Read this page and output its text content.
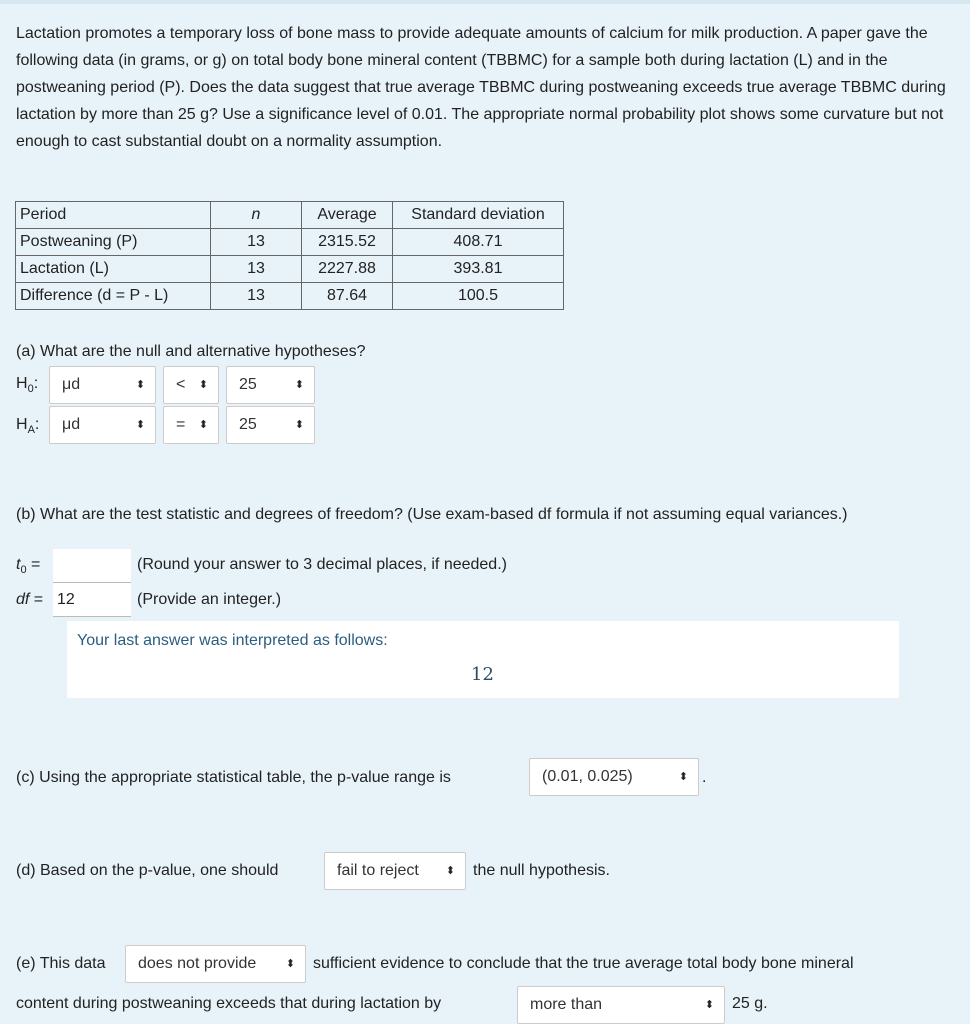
Lactation promotes a temporary loss of bone mass to provide adequate amounts of calcium for milk production. A paper gave the following data (in grams, or g) on total body bone mineral content (TBBMC) for a sample both during lactation (L) and in the postweaning period (P). Does the data suggest that true average TBBMC during postweaning exceeds true average TBBMC during lactation by more than 25 g? Use a significance level of 0.01. The appropriate normal probability plot shows some curvature but not enough to cast substantial doubt on a normality assumption.
Period	n	Average	Standard deviation
Postweaning (P)	13	2315.52	408.71
Lactation (L)	13	2227.88	393.81
Difference (d = P - L)	13	87.64	100.5
(a) What are the null and alternative hypotheses?
$H_0$: μd	⬍ < ⬍ 25	⬍
$H_A$: μd	⬍ = ⬍ 25	⬍
(b) What are the test statistic and degrees of freedom? (Use exam-based df formula if not assuming equal variances.)
$t_0$ =	(Round your answer to 3 decimal places, if needed.)
df = 12	(Provide an integer.)
Your last answer was interpreted as follows:
12
(c) Using the appropriate statistical table, the p-value range is	(0.01, 0.025)	⬍ .
(d) Based on the p-value, one should	fail to reject ⬍ the null hypothesis.
(e) This data does not provide	⬍ sufficient evidence to conclude that the true average total body bone mineral
content during postweaning exceeds that during lactation by	more than	⬍ 25 g.
